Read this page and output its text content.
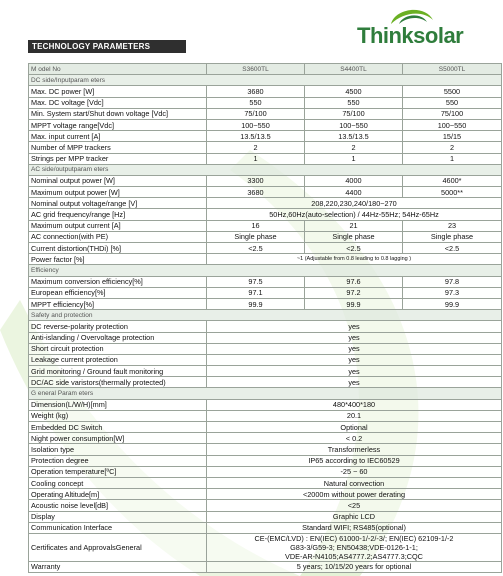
Thinksolar
TECHNOLOGY PARAMETERS
M odel No	S3600TL	S4400TL	S5000TL
DC side/Inputparam eters			
Max. DC power [W]	3680	4500	5500
Max. DC voltage [Vdc]	550	550	550
Min. System start/Shut down voltage [Vdc]	75/100	75/100	75/100
MPPT voltage range[Vdc]	100~550	100~550	100~550
Max. input current [A]	13.5/13.5	13.5/13.5	15/15
Number of MPP trackers	2	2	2
Strings per MPP tracker	1	1	1
AC side/outputparam eters			
Nominal output power [W]	3300	4000	4600*
Maximum output power [W]	3680	4400	5000**
Nominal output voltage/range [V]	208,220,230,240/180~270		
AC grid frequency/range [Hz]	50Hz,60Hz(auto-selection) / 44Hz-55Hz; 54Hz-65Hz		
Maximum output current [A]	16	21	23
AC connection(with PE)	Single phase	Single phase	Single phase
Current distortion(THDi) [%]	<2.5	<2.5	<2.5
Power factor [%]	~1 (Adjustable from 0.8 leading to 0.8 lagging )		
Efficiency			
Maximum conversion efficiency[%]	97.5	97.6	97.8
European efficiency[%]	97.1	97.2	97.3
MPPT efficiency[%]	99.9	99.9	99.9
Safety and protection			
DC reverse-polarity protection	yes		
Anti-islanding / Overvoltage protection	yes		
Short circuit protection	yes		
Leakage current protection	yes		
Grid monitoring / Ground fault monitoring	yes		
DC/AC side varistors(thermally protected)	yes		
G eneral Param eters			
Dimension(L/W/H)[mm]	480*400*180		
Weight (kg)	20.1		
Embedded DC Switch	Optional		
Night power consumption[W]	< 0.2		
Isolation type	Transformerless		
Protection degree	IP65 according to IEC60529		
Operation temperature[ºC]	-25 ~ 60		
Cooling concept	Natural convection		
Operating Altitude[m]	<2000m without power derating		
Acoustic noise level[dB]	<25		
Display	Graphic LCD		
Communication Interface	Standard WIFI; RS485(optional)		
Certificates and ApprovalsGeneral	CE-(EMC/LVD) : EN(IEC) 61000-1/-2/-3/; EN(IEC) 62109-1/-2
G83-3/G59-3; EN50438;VDE-0126-1-1;
VDE-AR-N4105;AS4777.2;AS4777.3;CQC		

Warranty	5 years; 10/15/20 years for optional		
